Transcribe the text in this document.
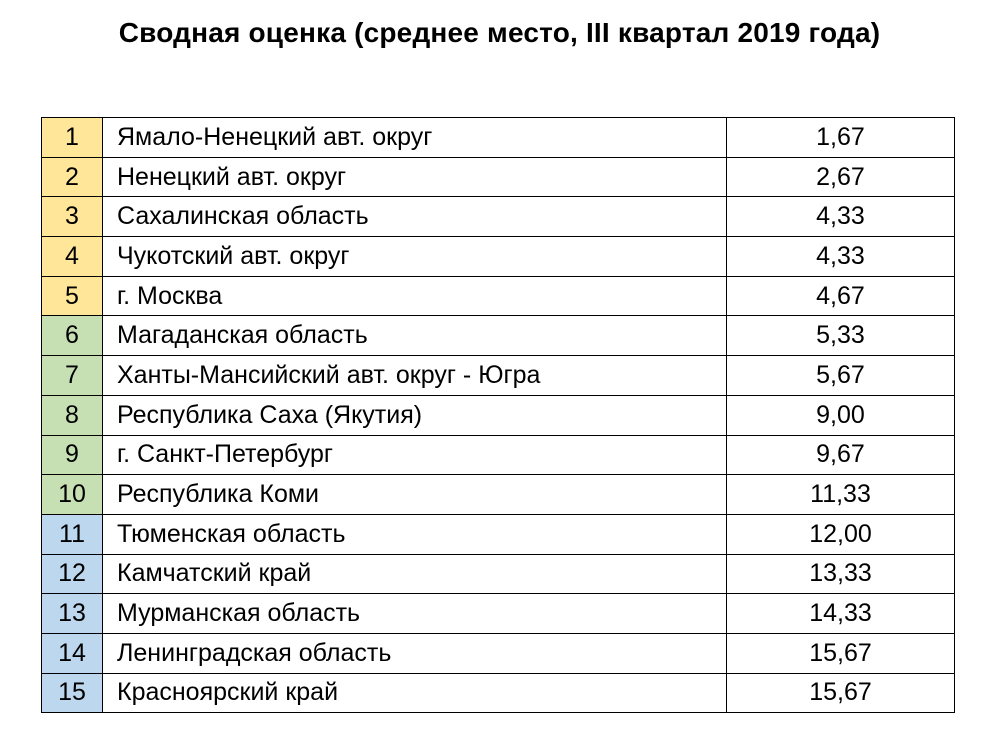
Сводная оценка (среднее место, III квартал 2019 года)
1	Ямало-Ненецкий авт. округ	1,67
2	Ненецкий авт. округ	2,67
3	Сахалинская область	4,33
4	Чукотский авт. округ	4,33
5	г. Москва	4,67
6	Магаданская область	5,33
7	Ханты-Мансийский авт. округ - Югра	5,67
8	Республика Саха (Якутия)	9,00
9	г. Санкт-Петербург	9,67
10	Республика Коми	11,33
11	Тюменская область	12,00
12	Камчатский край	13,33
13	Мурманская область	14,33
14	Ленинградская область	15,67
15	Красноярский край	15,67
